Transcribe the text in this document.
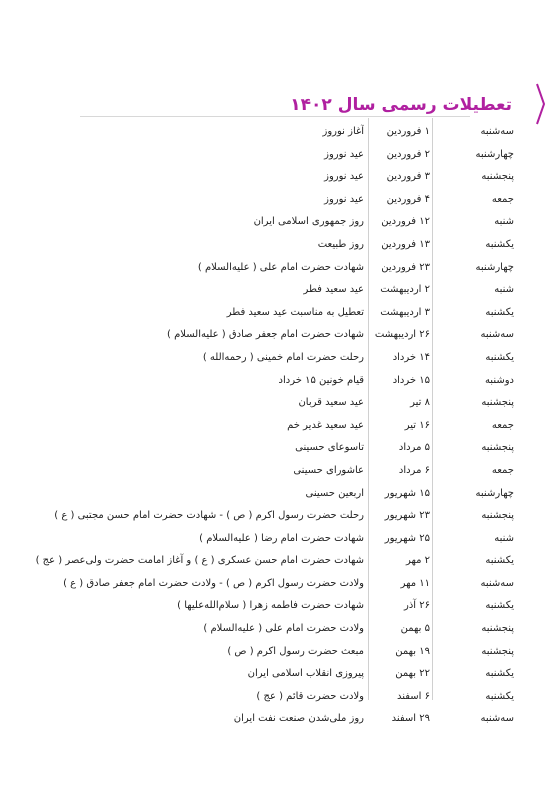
تعطیلات رسمی سال ۱۴۰۲
سه‌شنبه
۱ فروردین
آغاز نوروز
چهارشنبه
۲ فروردین
عید نوروز
پنجشنبه
۳ فروردین
عید نوروز
جمعه
۴ فروردین
عید نوروز
شنبه
۱۲ فروردین
روز جمهوری اسلامی ایران
یکشنبه
۱۳ فروردین
روز طبیعت
چهارشنبه
۲۳ فروردین
شهادت حضرت امام علی ( علیه‌السلام )
شنبه
۲ اردیبهشت
عید سعید فطر
یکشنبه
۳ اردیبهشت
تعطیل به مناسبت عید سعید فطر
سه‌شنبه
۲۶ اردیبهشت
شهادت حضرت امام جعفر صادق ( علیه‌السلام )
یکشنبه
۱۴ خرداد
رحلت حضرت امام خمینی ( رحمه‌الله )
دوشنبه
۱۵ خرداد
قیام خونین ۱۵ خرداد
پنجشنبه
۸ تیر
عید سعید قربان
جمعه
۱۶ تیر
عید سعید غدیر خم
پنجشنبه
۵ مرداد
تاسوعای حسینی
جمعه
۶ مرداد
عاشورای حسینی
چهارشنبه
۱۵ شهریور
اربعین حسینی
پنجشنبه
۲۳ شهریور
رحلت حضرت رسول اکرم ( ص ) - شهادت حضرت امام حسن مجتبی ( ع )
شنبه
۲۵ شهریور
شهادت حضرت امام رضا ( علیه‌السلام )
یکشنبه
۲ مهر
شهادت حضرت امام حسن عسکری ( ع ) و آغاز امامت حضرت ولی‌عصر ( عج )
سه‌شنبه
۱۱ مهر
ولادت حضرت رسول اکرم ( ص ) - ولادت حضرت امام جعفر صادق ( ع )
یکشنبه
۲۶ آذر
شهادت حضرت فاطمه زهرا ( سلام‌الله‌علیها )
پنجشنبه
۵ بهمن
ولادت حضرت امام علی ( علیه‌السلام )
پنجشنبه
۱۹ بهمن
مبعث حضرت رسول اکرم ( ص )
یکشنبه
۲۲ بهمن
پیروزی انقلاب اسلامی ایران
یکشنبه
۶ اسفند
ولادت حضرت قائم ( عج )
سه‌شنبه
۲۹ اسفند
روز ملی‌شدن صنعت نفت ایران
